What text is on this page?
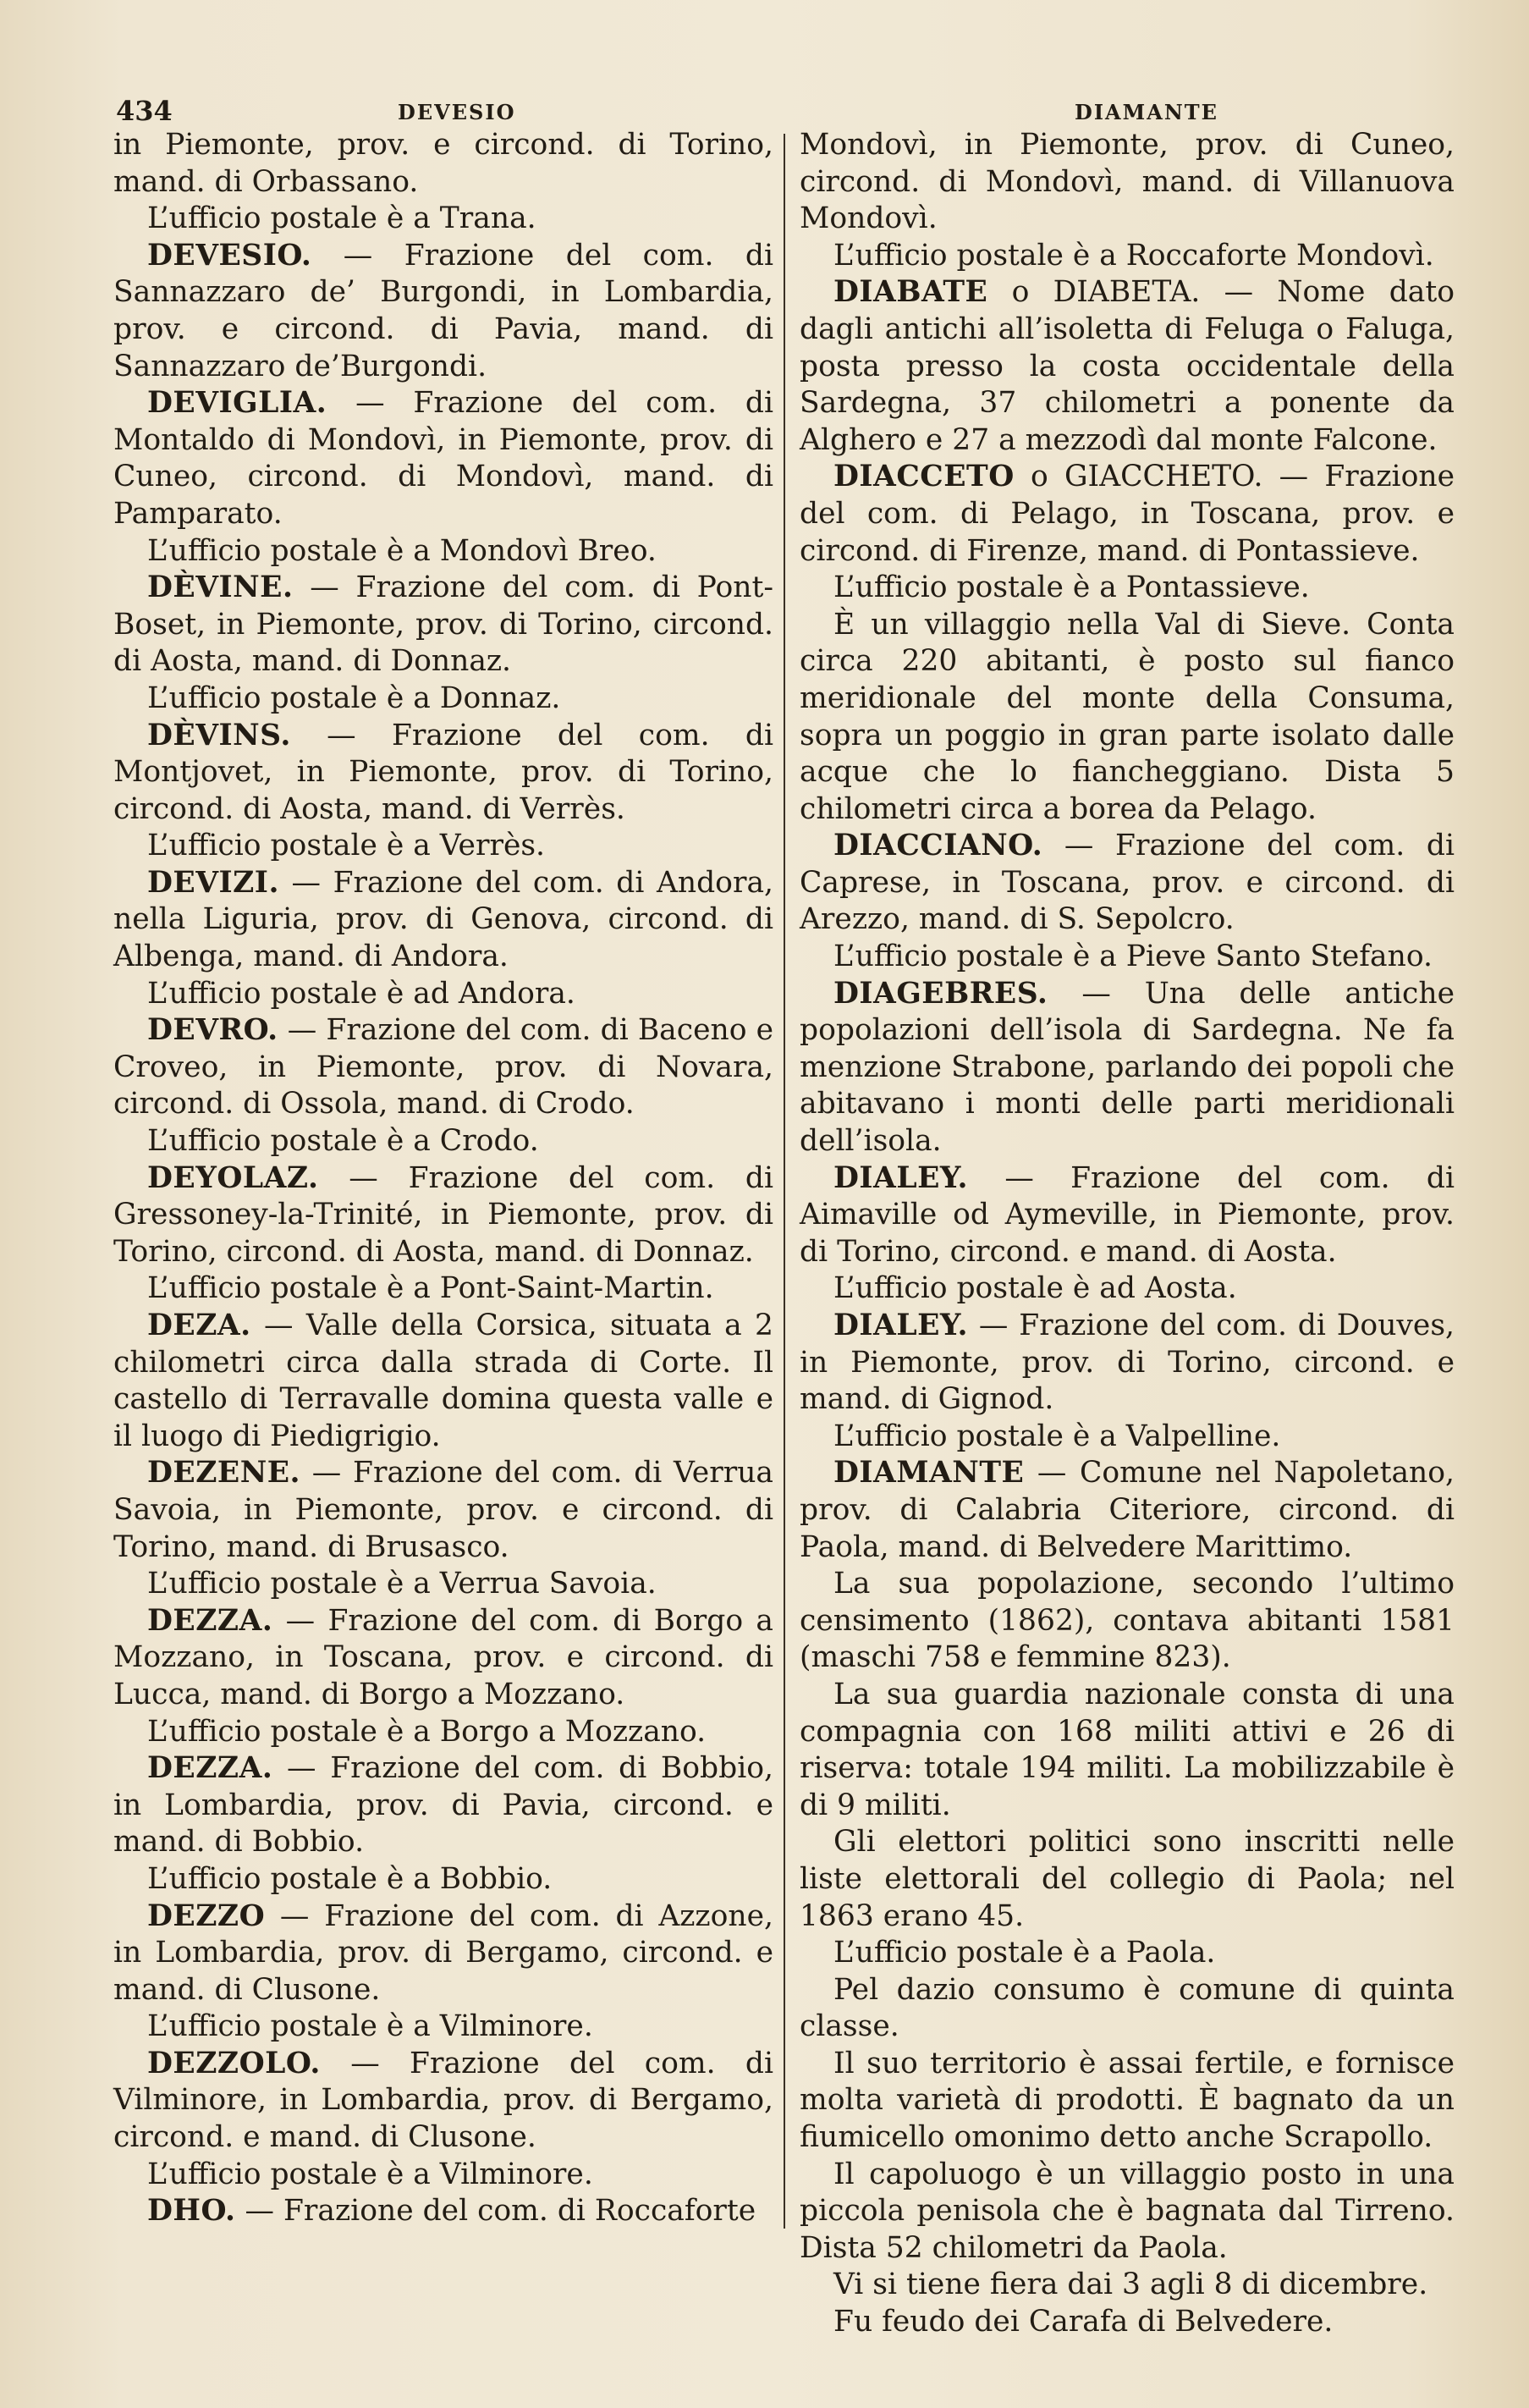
434	DEVESIO	DIAMANTE

in Piemonte, prov. e circond. di Torino, mand. di Orbassano.

L’ufficio postale è a Trana.

DEVESIO. — Frazione del com. di Sannazzaro de’ Burgondi, in Lombardia, prov. e circond. di Pavia, mand. di Sannazzaro de’Burgondi.

DEVIGLIA. — Frazione del com. di Montaldo di Mondovì, in Piemonte, prov. di Cuneo, circond. di Mondovì, mand. di Pamparato.

L’ufficio postale è a Mondovì Breo.

DÈVINE. — Frazione del com. di Pont-Boset, in Piemonte, prov. di Torino, circond. di Aosta, mand. di Donnaz.

L’ufficio postale è a Donnaz.

DÈVINS. — Frazione del com. di Montjovet, in Piemonte, prov. di Torino, circond. di Aosta, mand. di Verrès.

L’ufficio postale è a Verrès.

DEVIZI. — Frazione del com. di Andora, nella Liguria, prov. di Genova, circond. di Albenga, mand. di Andora.

L’ufficio postale è ad Andora.

DEVRO. — Frazione del com. di Baceno e Croveo, in Piemonte, prov. di Novara, circond. di Ossola, mand. di Crodo.

L’ufficio postale è a Crodo.

DEYOLAZ. — Frazione del com. di Gressoney-la-Trinité, in Piemonte, prov. di Torino, circond. di Aosta, mand. di Donnaz.

L’ufficio postale è a Pont-Saint-Martin.

DEZA. — Valle della Corsica, situata a 2 chilometri circa dalla strada di Corte. Il castello di Terravalle domina questa valle e il luogo di Piedigrigio.

DEZENE. — Frazione del com. di Verrua Savoia, in Piemonte, prov. e circond. di Torino, mand. di Brusasco.

L’ufficio postale è a Verrua Savoia.

DEZZA. — Frazione del com. di Borgo a Mozzano, in Toscana, prov. e circond. di Lucca, mand. di Borgo a Mozzano.

L’ufficio postale è a Borgo a Mozzano.

DEZZA. — Frazione del com. di Bobbio, in Lombardia, prov. di Pavia, circond. e mand. di Bobbio.

L’ufficio postale è a Bobbio.

DEZZO — Frazione del com. di Azzone, in Lombardia, prov. di Bergamo, circond. e mand. di Clusone.

L’ufficio postale è a Vilminore.

DEZZOLO. — Frazione del com. di Vilminore, in Lombardia, prov. di Bergamo, circond. e mand. di Clusone.

L’ufficio postale è a Vilminore.

DHO. — Frazione del com. di Roccaforte

Mondovì, in Piemonte, prov. di Cuneo, circond. di Mondovì, mand. di Villanuova Mondovì.

L’ufficio postale è a Roccaforte Mondovì.

DIABATE o DIABETA. — Nome dato dagli antichi all’isoletta di Feluga o Faluga, posta presso la costa occidentale della Sardegna, 37 chilometri a ponente da Alghero e 27 a mezzodì dal monte Falcone.

DIACCETO o GIACCHETO. — Frazione del com. di Pelago, in Toscana, prov. e circond. di Firenze, mand. di Pontassieve.

L’ufficio postale è a Pontassieve.

È un villaggio nella Val di Sieve. Conta circa 220 abitanti, è posto sul fianco meridionale del monte della Consuma, sopra un poggio in gran parte isolato dalle acque che lo fiancheggiano. Dista 5 chilometri circa a borea da Pelago.

DIACCIANO. — Frazione del com. di Caprese, in Toscana, prov. e circond. di Arezzo, mand. di S. Sepolcro.

L’ufficio postale è a Pieve Santo Stefano.

DIAGEBRES. — Una delle antiche popolazioni dell’isola di Sardegna. Ne fa menzione Strabone, parlando dei popoli che abitavano i monti delle parti meridionali dell’isola.

DIALEY. — Frazione del com. di Aimaville od Aymeville, in Piemonte, prov. di Torino, circond. e mand. di Aosta.

L’ufficio postale è ad Aosta.

DIALEY. — Frazione del com. di Douves, in Piemonte, prov. di Torino, circond. e mand. di Gignod.

L’ufficio postale è a Valpelline.

DIAMANTE — Comune nel Napoletano, prov. di Calabria Citeriore, circond. di Paola, mand. di Belvedere Marittimo.

La sua popolazione, secondo l’ultimo censimento (1862), contava abitanti 1581 (maschi 758 e femmine 823).

La sua guardia nazionale consta di una compagnia con 168 militi attivi e 26 di riserva: totale 194 militi. La mobilizzabile è di 9 militi.

Gli elettori politici sono inscritti nelle liste elettorali del collegio di Paola; nel 1863 erano 45.

L’ufficio postale è a Paola.

Pel dazio consumo è comune di quinta classe.

Il suo territorio è assai fertile, e fornisce molta varietà di prodotti. È bagnato da un fiumicello omonimo detto anche Scrapollo.

Il capoluogo è un villaggio posto in una piccola penisola che è bagnata dal Tirreno. Dista 52 chilometri da Paola.

Vi si tiene fiera dai 3 agli 8 di dicembre.

Fu feudo dei Carafa di Belvedere.
